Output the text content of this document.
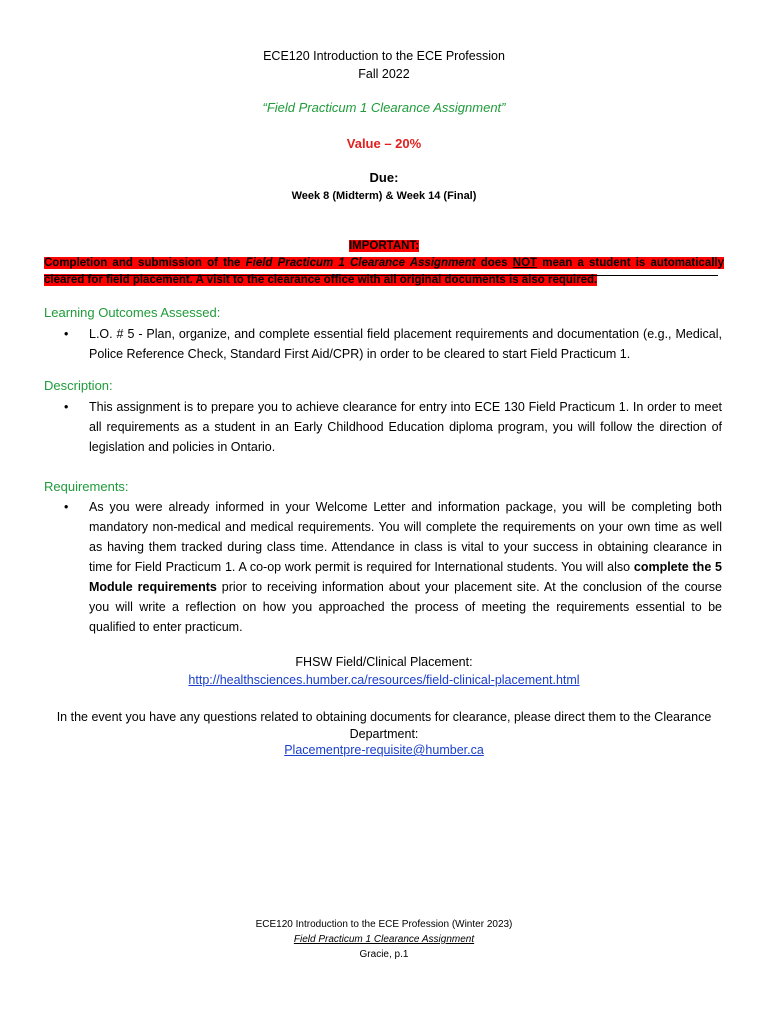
ECE120 Introduction to the ECE Profession
Fall 2022
“Field Practicum 1 Clearance Assignment”
Value – 20%
Due:
Week 8 (Midterm) & Week 14 (Final)
IMPORTANT:
Completion and submission of the Field Practicum 1 Clearance Assignment does NOT mean a student is automatically cleared for field placement. A visit to the clearance office with all original documents is also required.
Learning Outcomes Assessed:
•	L.O. # 5 - Plan, organize, and complete essential field placement requirements and documentation (e.g., Medical, Police Reference Check, Standard First Aid/CPR) in order to be cleared to start Field Practicum 1.
Description:
•	This assignment is to prepare you to achieve clearance for entry into ECE 130 Field Practicum 1. In order to meet all requirements as a student in an Early Childhood Education diploma program, you will follow the direction of legislation and policies in Ontario.
Requirements:
•	As you were already informed in your Welcome Letter and information package, you will be completing both mandatory non-medical and medical requirements. You will complete the requirements on your own time as well as having them tracked during class time. Attendance in class is vital to your success in obtaining clearance in time for Field Practicum 1. A co-op work permit is required for International students. You will also complete the 5 Module requirements prior to receiving information about your placement site. At the conclusion of the course you will write a reflection on how you approached the process of meeting the requirements essential to be qualified to enter practicum.
FHSW Field/Clinical Placement:
http://healthsciences.humber.ca/resources/field-clinical-placement.html
In the event you have any questions related to obtaining documents for clearance, please direct them to the Clearance Department:
Placementpre-requisite@humber.ca
ECE120 Introduction to the ECE Profession (Winter 2023)
Field Practicum 1 Clearance Assignment
Gracie, p.1
